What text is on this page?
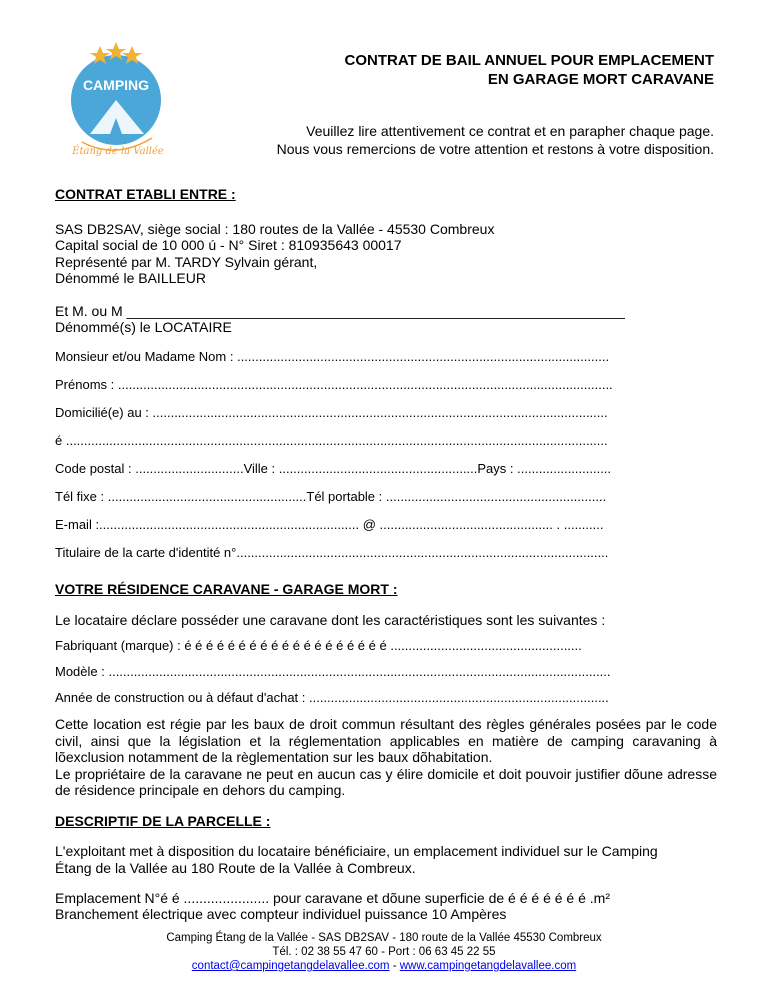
CAMPING
Étang de la Vallée
CONTRAT DE BAIL ANNUEL POUR EMPLACEMENT
EN GARAGE MORT CARAVANE
Veuillez lire attentivement ce contrat et en parapher chaque page.
Nous vous remercions de votre attention et restons à votre disposition.
CONTRAT ETABLI ENTRE :
SAS DB2SAV, siège social : 180 routes de la Vallée - 45530 Combreux
Capital social de 10 000 ú - N° Siret : 810935643 00017
Représenté par M. TARDY Sylvain gérant,
Dénommé le BAILLEUR
Et M. ou M ________________________________________________________________
Dénommé(s) le LOCATAIRE
Monsieur et/ou Madame Nom : .......................................................................................................
Prénoms : .........................................................................................................................................
Domicilié(e) au : ..............................................................................................................................
é ......................................................................................................................................................
Code postal : ..............................Ville : .......................................................Pays : ..........................
Tél fixe : .......................................................Tél portable : .............................................................
E-mail :........................................................................ @ ................................................ . ...........
Titulaire de la carte d'identité n°.......................................................................................................
VOTRE RÉSIDENCE CARAVANE - GARAGE MORT :
Le locataire déclare posséder une caravane dont les caractéristiques sont les suivantes :
Fabriquant (marque) : é é é é é é é é é é é é é é é é é é é .....................................................
Modèle : ...........................................................................................................................................
Année de construction ou à défaut d'achat : ...................................................................................
Cette location est régie par les baux de droit commun résultant des règles générales posées par le code civil, ainsi que la législation et la réglementation applicables en matière de camping caravaning à lõexclusion notamment de la règlementation sur les baux dõhabitation.
Le propriétaire de la caravane ne peut en aucun cas y élire domicile et doit pouvoir justifier dõune adresse de résidence principale en dehors du camping.
DESCRIPTIF DE LA PARCELLE :
L'exploitant met à disposition du locataire bénéficiaire, un emplacement individuel sur le Camping Étang de la Vallée au 180 Route de la Vallée à Combreux.
Emplacement N°é é ...................... pour caravane et dõune superficie de é é é é é é é .m²
Branchement électrique avec compteur individuel puissance 10 Ampères
Camping Étang de la Vallée - SAS DB2SAV - 180 route de la Vallée 45530 Combreux
Tél. : 02 38 55 47 60 - Port : 06 63 45 22 55
contact@campingetangdelavallee.com - www.campingetangdelavallee.com
